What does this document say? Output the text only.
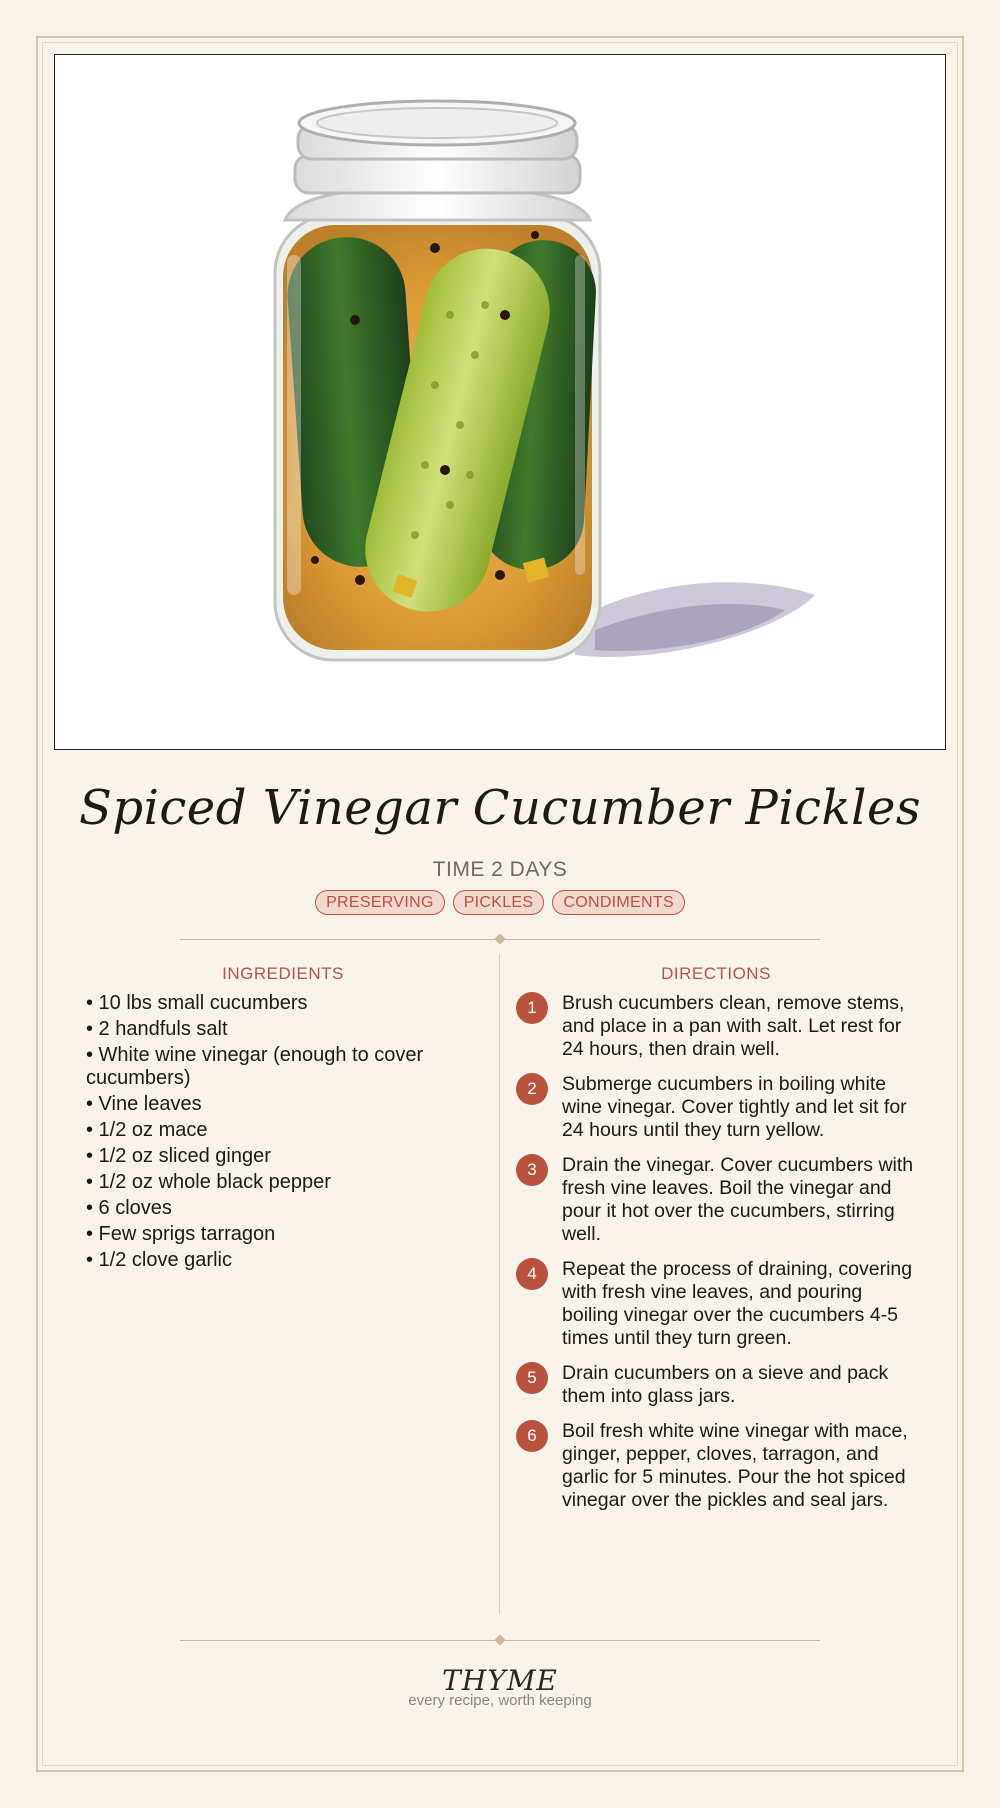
Spiced Vinegar Cucumber Pickles
TIME 2 DAYS
PRESERVING PICKLES CONDIMENTS
INGREDIENTS
• 10 lbs small cucumbers
• 2 handfuls salt
• White wine vinegar (enough to cover cucumbers)
• Vine leaves
• 1/2 oz mace
• 1/2 oz sliced ginger
• 1/2 oz whole black pepper
• 6 cloves
• Few sprigs tarragon
• 1/2 clove garlic
DIRECTIONS
1	Brush cucumbers clean, remove stems, and place in a pan with salt. Let rest for 24 hours, then drain well.
2	Submerge cucumbers in boiling white wine vinegar. Cover tightly and let sit for 24 hours until they turn yellow.
3	Drain the vinegar. Cover cucumbers with fresh vine leaves. Boil the vinegar and pour it hot over the cucumbers, stirring well.
4	Repeat the process of draining, covering with fresh vine leaves, and pouring boiling vinegar over the cucumbers 4-5 times until they turn green.
5	Drain cucumbers on a sieve and pack them into glass jars.
6	Boil fresh white wine vinegar with mace, ginger, pepper, cloves, tarragon, and garlic for 5 minutes. Pour the hot spiced vinegar over the pickles and seal jars.
THYME
every recipe, worth keeping
